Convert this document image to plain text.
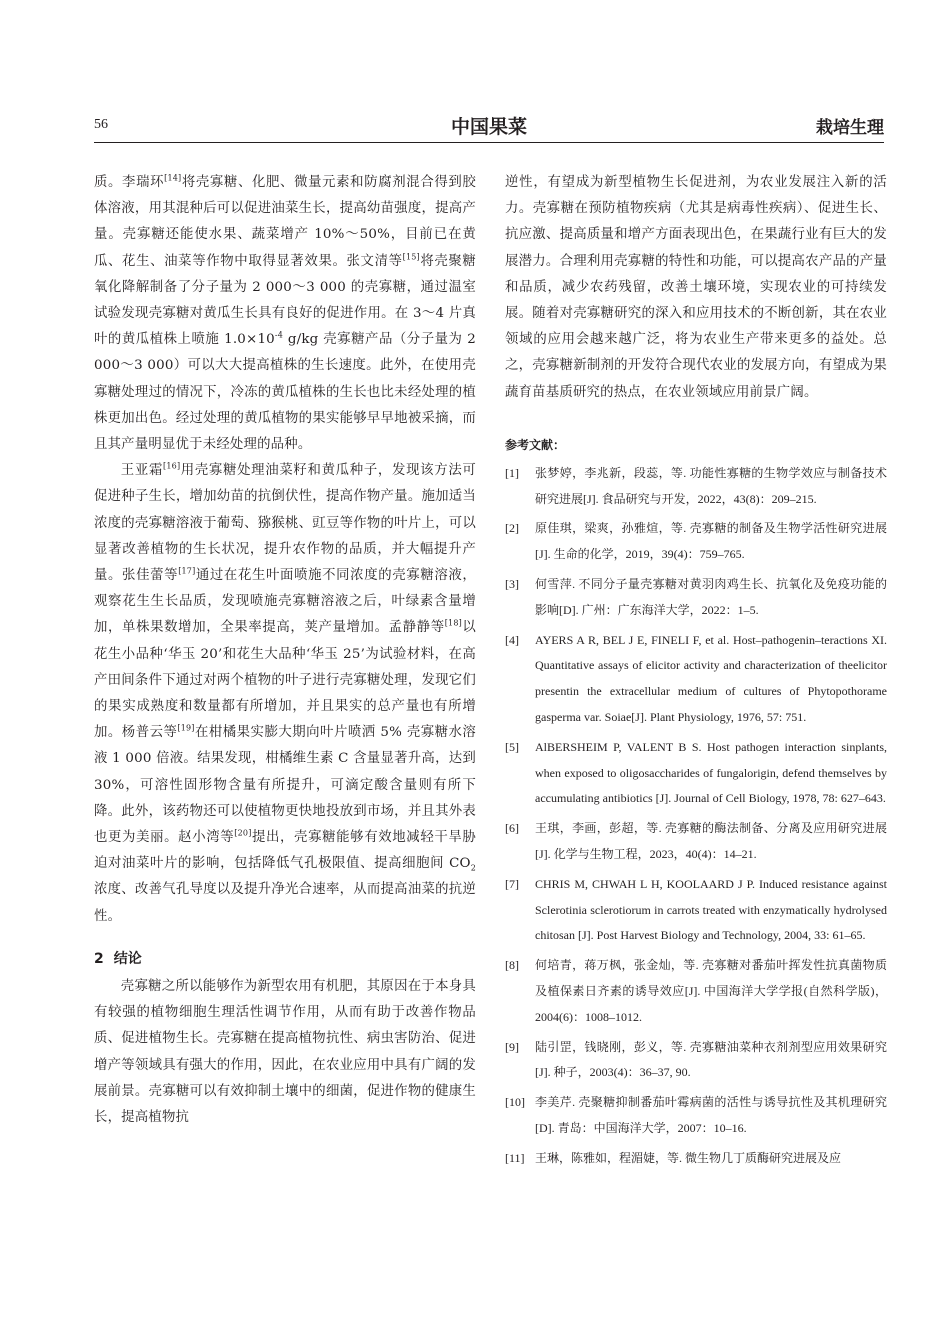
56	中国果菜	栽培生理

质。李瑞环[14]将壳寡糖、化肥、微量元素和防腐剂混合得到胶体溶液，用其混种后可以促进油菜生长，提高幼苗强度，提高产量。壳寡糖还能使水果、蔬菜增产 10%～50%，目前已在黄瓜、花生、油菜等作物中取得显著效果。张文清等[15]将壳聚糖氧化降解制备了分子量为 2 000～3 000 的壳寡糖，通过温室试验发现壳寡糖对黄瓜生长具有良好的促进作用。在 3～4 片真叶的黄瓜植株上喷施 $1.0\times 10^{-4}$ g/kg 壳寡糖产品（分子量为 2 000～3 000）可以大大提高植株的生长速度。此外，在使用壳寡糖处理过的情况下，冷冻的黄瓜植株的生长也比未经处理的植株更加出色。经过处理的黄瓜植物的果实能够早早地被采摘，而且其产量明显优于未经处理的品种。

王亚霜[16]用壳寡糖处理油菜籽和黄瓜种子，发现该方法可促进种子生长，增加幼苗的抗倒伏性，提高作物产量。施加适当浓度的壳寡糖溶液于葡萄、猕猴桃、豇豆等作物的叶片上，可以显著改善植物的生长状况，提升农作物的品质，并大幅提升产量。张佳蕾等[17]通过在花生叶面喷施不同浓度的壳寡糖溶液，观察花生生长品质，发现喷施壳寡糖溶液之后，叶绿素含量增加，单株果数增加，全果率提高，荚产量增加。孟静静等[18]以花生小品种‘华玉 20’和花生大品种‘华玉 25’为试验材料，在高产田间条件下通过对两个植物的叶子进行壳寡糖处理，发现它们的果实成熟度和数量都有所增加，并且果实的总产量也有所增加。杨普云等[19]在柑橘果实膨大期向叶片喷洒 5% 壳寡糖水溶液 1 000 倍液。结果发现，柑橘维生素 C 含量显著升高，达到 30%，可溶性固形物含量有所提升，可滴定酸含量则有所下降。此外，该药物还可以使植物更快地投放到市场，并且其外表也更为美丽。赵小湾等[20]提出，壳寡糖能够有效地减轻干旱胁迫对油菜叶片的影响，包括降低气孔极限值、提高细胞间 $CO_2$ 浓度、改善气孔导度以及提升净光合速率，从而提高油菜的抗逆性。

2 结论

壳寡糖之所以能够作为新型农用有机肥，其原因在于本身具有较强的植物细胞生理活性调节作用，从而有助于改善作物品质、促进植物生长。壳寡糖在提高植物抗性、病虫害防治、促进增产等领域具有强大的作用，因此，在农业应用中具有广阔的发展前景。壳寡糖可以有效抑制土壤中的细菌，促进作物的健康生长，提高植物抗

逆性，有望成为新型植物生长促进剂，为农业发展注入新的活力。壳寡糖在预防植物疾病（尤其是病毒性疾病）、促进生长、抗应激、提高质量和增产方面表现出色，在果蔬行业有巨大的发展潜力。合理利用壳寡糖的特性和功能，可以提高农产品的产量和品质，减少农药残留，改善土壤环境，实现农业的可持续发展。随着对壳寡糖研究的深入和应用技术的不断创新，其在农业领域的应用会越来越广泛，将为农业生产带来更多的益处。总之，壳寡糖新制剂的开发符合现代农业的发展方向，有望成为果蔬育苗基质研究的热点，在农业领域应用前景广阔。

参考文献：
[1] 张梦婷，李兆新，段蕊，等. 功能性寡糖的生物学效应与制备技术研究进展[J]. 食品研究与开发，2022，43(8)：209–215.
[2] 原佳琪，梁爽，孙雅煊，等. 壳寡糖的制备及生物学活性研究进展[J]. 生命的化学，2019，39(4)：759–765.
[3] 何雪萍. 不同分子量壳寡糖对黄羽肉鸡生长、抗氧化及免疫功能的影响[D]. 广州：广东海洋大学，2022：1–5.
[4] AYERS A R, BEL J E, FINELI F, et al. Host–pathogenin–teractions XI. Quantitative assays of elicitor activity and characterization of theelicitor presentin the extracellular medium of cultures of Phytopothorame gasperma var. Soiae[J]. Plant Physiology, 1976, 57: 751.
[5] AlBERSHEIM P, VALENT B S. Host pathogen interaction sinplants, when exposed to oligosaccharides of fungalorigin, defend themselves by accumulating antibiotics [J]. Journal of Cell Biology, 1978, 78: 627–643.
[6] 王琪，李画，彭超，等. 壳寡糖的酶法制备、分离及应用研究进展[J]. 化学与生物工程，2023，40(4)：14–21.
[7] CHRIS M, CHWAH L H, KOOLAARD J P. Induced resistance against Sclerotinia sclerotiorum in carrots treated with enzymatically hydrolysed chitosan [J]. Post Harvest Biology and Technology, 2004, 33: 61–65.
[8] 何培青，蒋万枫，张金灿，等. 壳寡糖对番茄叶挥发性抗真菌物质及植保素日齐素的诱导效应[J]. 中国海洋大学学报(自然科学版)，2004(6)：1008–1012.
[9] 陆引罡，钱晓刚，彭义，等. 壳寡糖油菜种衣剂剂型应用效果研究[J]. 种子，2003(4)：36–37, 90.
[10] 李美芹. 壳聚糖抑制番茄叶霉病菌的活性与诱导抗性及其机理研究[D]. 青岛：中国海洋大学，2007：10–16.
[11] 王琳，陈雅如，程湄婕，等. 微生物几丁质酶研究进展及应
